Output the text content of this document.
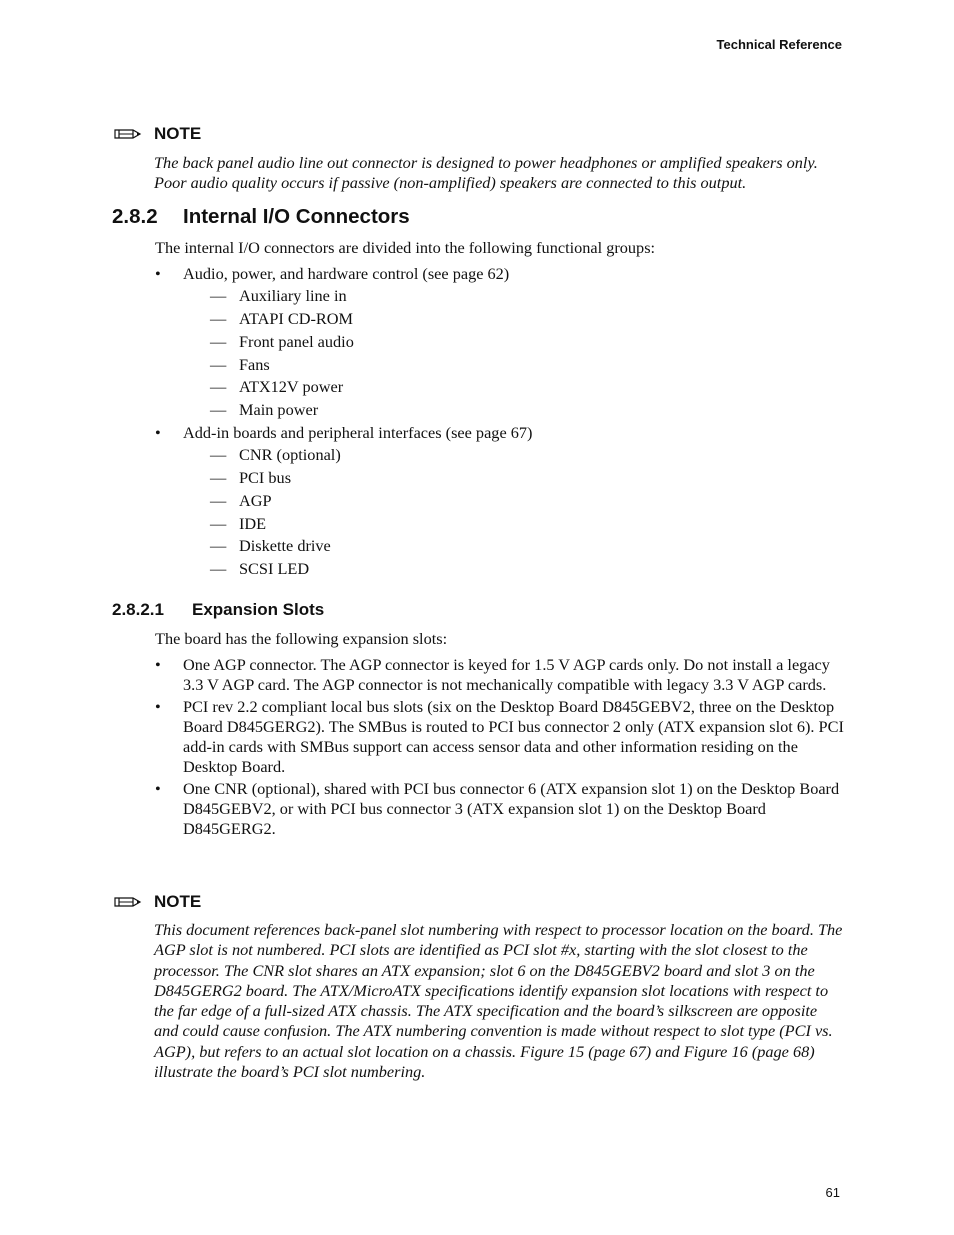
Technical Reference
NOTE
The back panel audio line out connector is designed to power headphones or amplified speakers only. Poor audio quality occurs if passive (non-amplified) speakers are connected to this output.
2.8.2 Internal I/O Connectors
The internal I/O connectors are divided into the following functional groups:
• Audio, power, and hardware control (see page 62)
— Auxiliary line in
— ATAPI CD-ROM
— Front panel audio
— Fans
— ATX12V power
— Main power
• Add-in boards and peripheral interfaces (see page 67)
— CNR (optional)
— PCI bus
— AGP
— IDE
— Diskette drive
— SCSI LED
2.8.2.1 Expansion Slots
The board has the following expansion slots:
• One AGP connector. The AGP connector is keyed for 1.5 V AGP cards only. Do not install a legacy 3.3 V AGP card. The AGP connector is not mechanically compatible with legacy 3.3 V AGP cards.
• PCI rev 2.2 compliant local bus slots (six on the Desktop Board D845GEBV2, three on the Desktop Board D845GERG2). The SMBus is routed to PCI bus connector 2 only (ATX expansion slot 6). PCI add-in cards with SMBus support can access sensor data and other information residing on the Desktop Board.
• One CNR (optional), shared with PCI bus connector 6 (ATX expansion slot 1) on the Desktop Board D845GEBV2, or with PCI bus connector 3 (ATX expansion slot 1) on the Desktop Board D845GERG2.
NOTE
This document references back-panel slot numbering with respect to processor location on the board. The AGP slot is not numbered. PCI slots are identified as PCI slot #x, starting with the slot closest to the processor. The CNR slot shares an ATX expansion; slot 6 on the D845GEBV2 board and slot 3 on the D845GERG2 board. The ATX/MicroATX specifications identify expansion slot locations with respect to the far edge of a full-sized ATX chassis. The ATX specification and the board’s silkscreen are opposite and could cause confusion. The ATX numbering convention is made without respect to slot type (PCI vs. AGP), but refers to an actual slot location on a chassis. Figure 15 (page 67) and Figure 16 (page 68) illustrate the board’s PCI slot numbering.
61
